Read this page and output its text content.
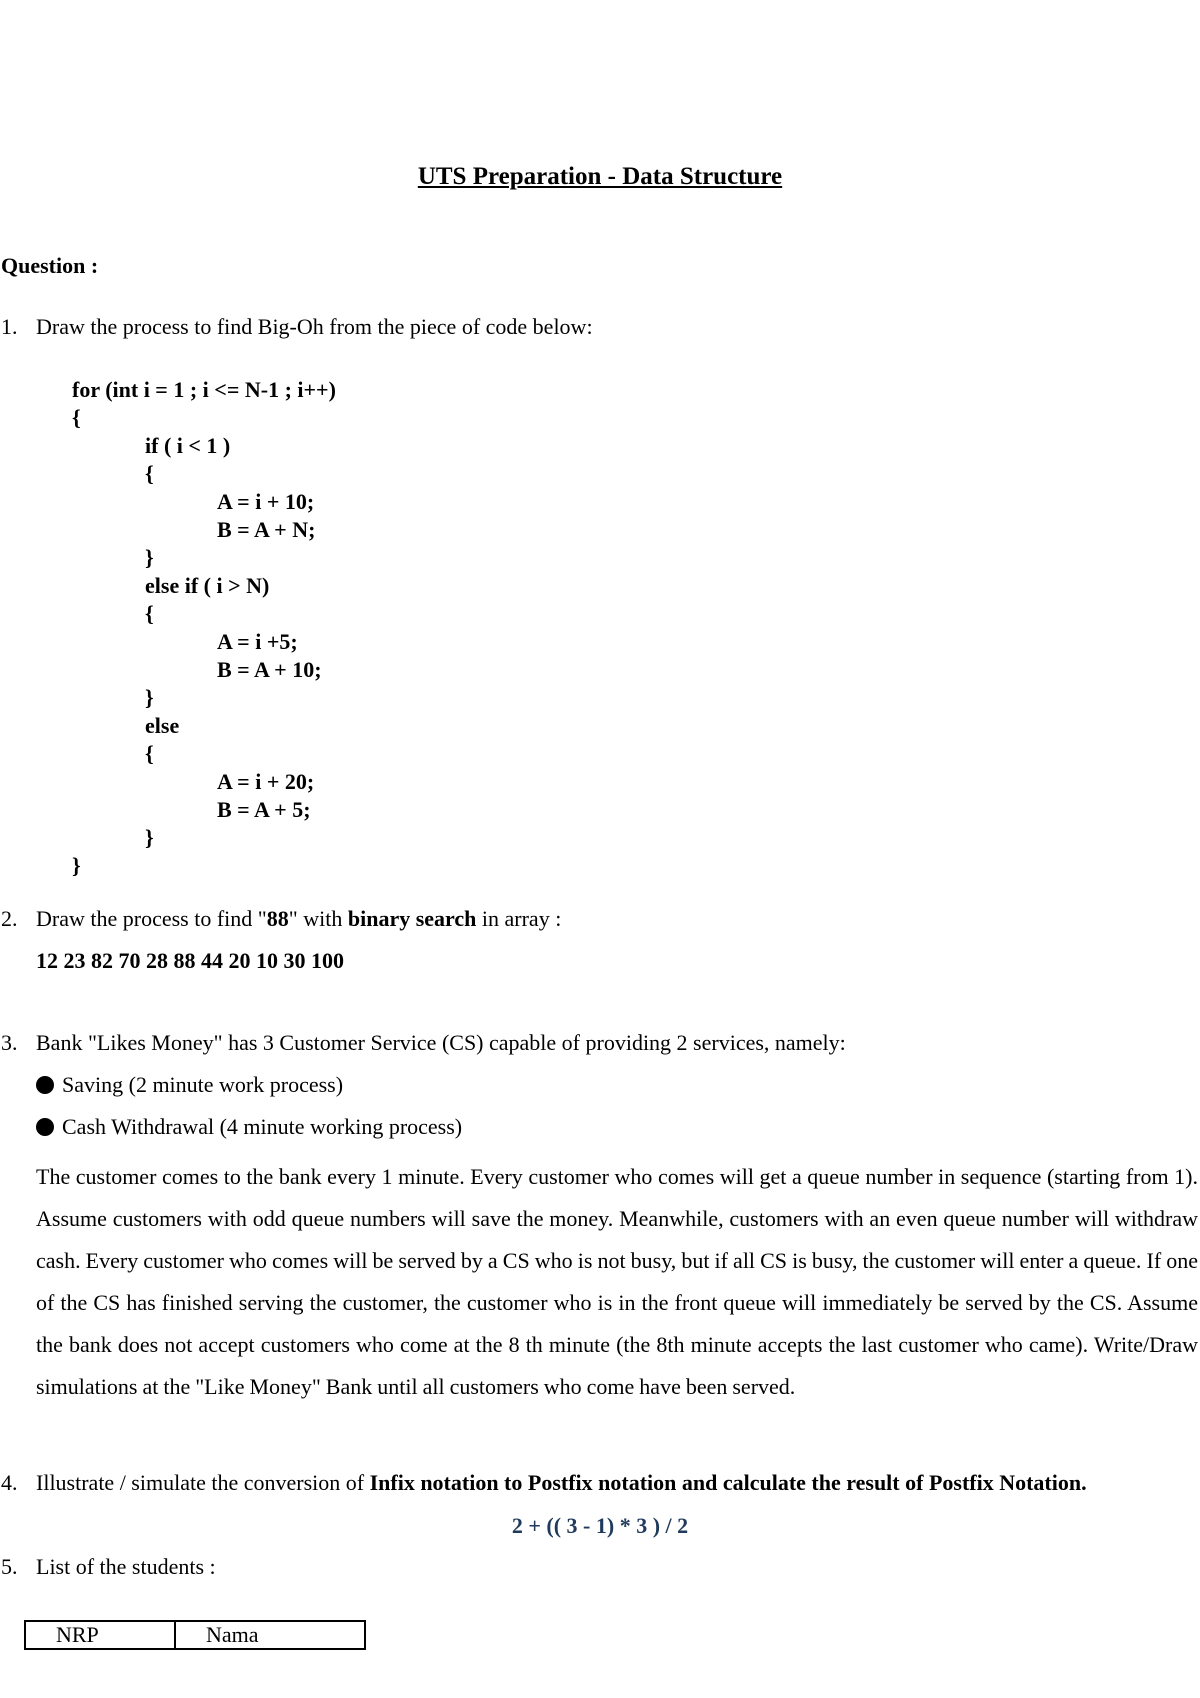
UTS Preparation - Data Structure
Question :
1. Draw the process to find Big-Oh from the piece of code below:
for (int i = 1 ; i <= N-1 ; i++)
{
if ( i < 1 )
{
A = i + 10;
B = A + N;
}
else if ( i > N)
{
A = i +5;
B = A + 10;
}
else
{
A = i + 20;
B = A + 5;
}
}
2. Draw the process to find "88" with binary search in array :
12 23 82 70 28 88 44 20 10 30 100
3. Bank "Likes Money" has 3 Customer Service (CS) capable of providing 2 services, namely:
Saving (2 minute work process)
Cash Withdrawal (4 minute working process)
The customer comes to the bank every 1 minute. Every customer who comes will get a queue number in sequence (starting from 1). Assume customers with odd queue numbers will save the money. Meanwhile, customers with an even queue number will withdraw cash. Every customer who comes will be served by a CS who is not busy, but if all CS is busy, the customer will enter a queue. If one of the CS has finished serving the customer, the customer who is in the front queue will immediately be served by the CS. Assume the bank does not accept customers who come at the 8 th minute (the 8th minute accepts the last customer who came). Write/Draw simulations at the "Like Money" Bank until all customers who come have been served.
4. Illustrate / simulate the conversion of Infix notation to Postfix notation and calculate the result of Postfix Notation.
2 + (( 3 - 1) * 3 ) / 2
5. List of the students :
NRP	Nama
